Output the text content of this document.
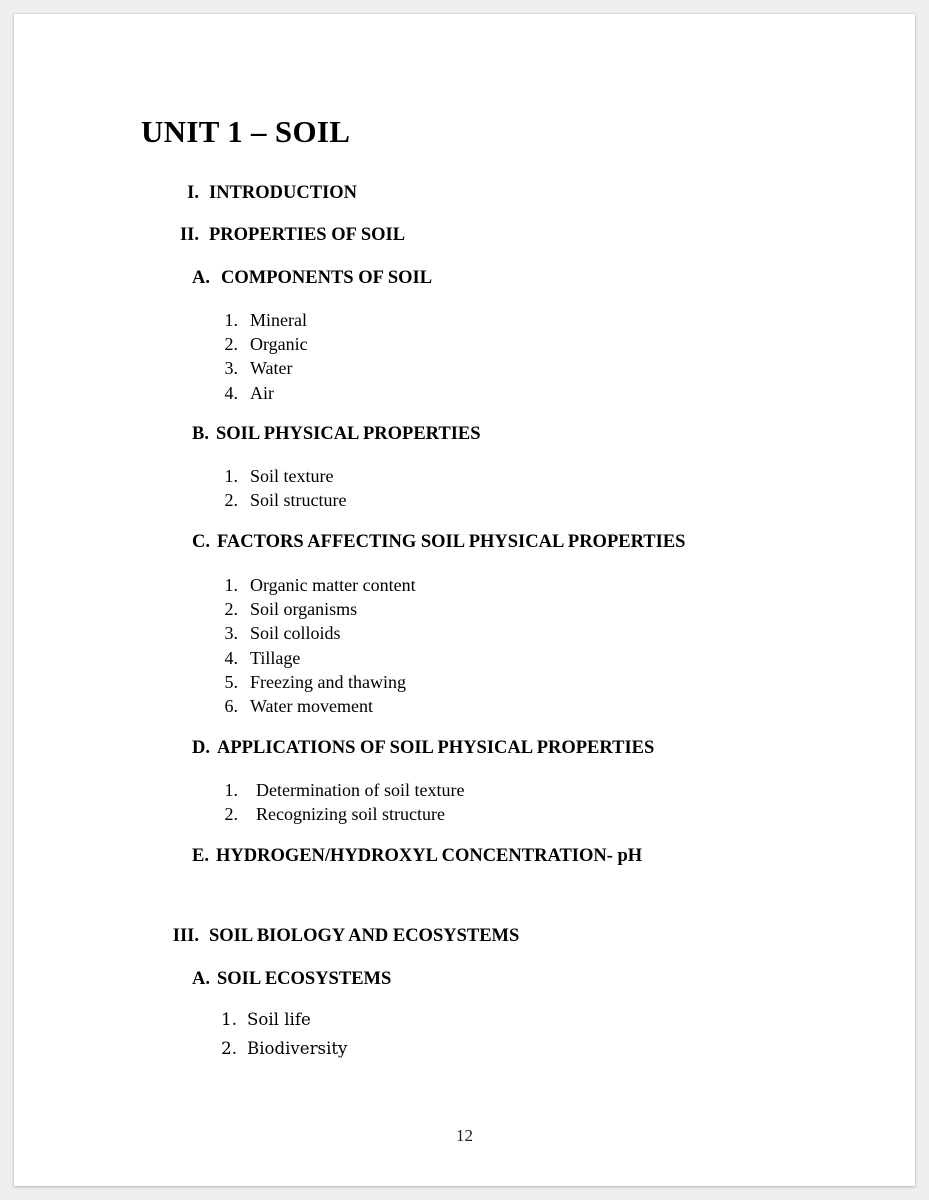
UNIT 1 – SOIL
I. INTRODUCTION
II. PROPERTIES OF SOIL
A. COMPONENTS OF SOIL
1. Mineral
2. Organic
3. Water
4. Air
B. SOIL PHYSICAL PROPERTIES
1. Soil texture
2. Soil structure
C. FACTORS AFFECTING SOIL PHYSICAL PROPERTIES
1. Organic matter content
2. Soil organisms
3. Soil colloids
4. Tillage
5. Freezing and thawing
6. Water movement
D. APPLICATIONS OF SOIL PHYSICAL PROPERTIES
1. Determination of soil texture
2. Recognizing soil structure
E. HYDROGEN/HYDROXYL CONCENTRATION- pH
III. SOIL BIOLOGY AND ECOSYSTEMS
A. SOIL ECOSYSTEMS
1. Soil life
2. Biodiversity
12
